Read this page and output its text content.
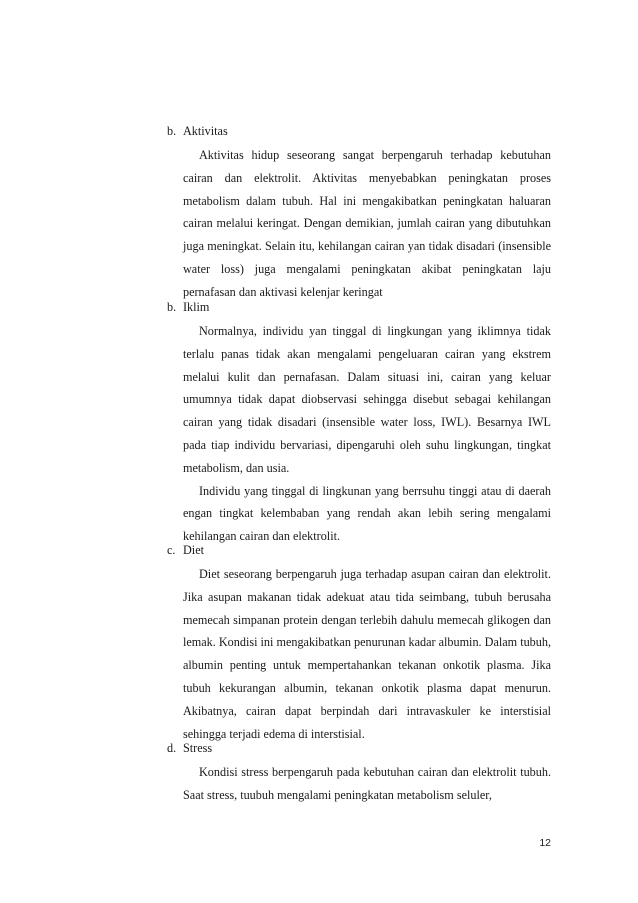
b. Aktivitas

Aktivitas hidup seseorang sangat berpengaruh terhadap kebutuhan cairan dan elektrolit. Aktivitas menyebabkan peningkatan proses metabolism dalam tubuh. Hal ini mengakibatkan peningkatan haluaran cairan melalui keringat. Dengan demikian, jumlah cairan yang dibutuhkan juga meningkat. Selain itu, kehilangan cairan yan tidak disadari (insensible water loss) juga mengalami peningkatan akibat peningkatan laju pernafasan dan aktivasi kelenjar keringat

b. Iklim

Normalnya, individu yan tinggal di lingkungan yang iklimnya tidak terlalu panas tidak akan mengalami pengeluaran cairan yang ekstrem melalui kulit dan pernafasan. Dalam situasi ini, cairan yang keluar umumnya tidak dapat diobservasi sehingga disebut sebagai kehilangan cairan yang tidak disadari (insensible water loss, IWL). Besarnya IWL pada tiap individu bervariasi, dipengaruhi oleh suhu lingkungan, tingkat metabolism, dan usia.

Individu yang tinggal di lingkunan yang berrsuhu tinggi atau di daerah engan tingkat kelembaban yang rendah akan lebih sering mengalami kehilangan cairan dan elektrolit.

c. Diet

Diet seseorang berpengaruh juga terhadap asupan cairan dan elektrolit. Jika asupan makanan tidak adekuat atau tida seimbang, tubuh berusaha memecah simpanan protein dengan terlebih dahulu memecah glikogen dan lemak. Kondisi ini mengakibatkan penurunan kadar albumin. Dalam tubuh, albumin penting untuk mempertahankan tekanan onkotik plasma. Jika tubuh kekurangan albumin, tekanan onkotik plasma dapat menurun. Akibatnya, cairan dapat berpindah dari intravaskuler ke interstisial sehingga terjadi edema di interstisial.

d. Stress

Kondisi stress berpengaruh pada kebutuhan cairan dan elektrolit tubuh. Saat stress, tuubuh mengalami peningkatan metabolism seluler,

12
